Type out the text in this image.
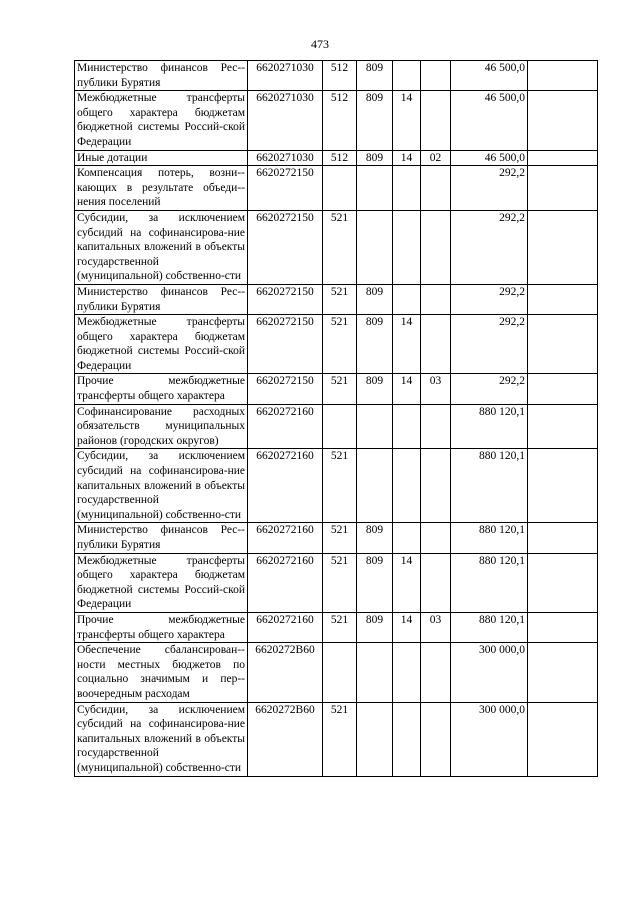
473
Министерство финансов Рес-публики Бурятия	6620271030	512	809			46 500,0	
Межбюджетные трансферты общего характера бюджетам бюджетной системы Россий-ской Федерации	6620271030	512	809	14		46 500,0	
Иные дотации	6620271030	512	809	14	02	46 500,0	
Компенсация потерь, возни-кающих в результате объеди-нения поселений	6620272150					292,2	
Субсидии, за исключением субсидий на софинансирова-ние капитальных вложений в объекты государственной (муниципальной) собственно-сти	6620272150	521				292,2	
Министерство финансов Рес-публики Бурятия	6620272150	521	809			292,2	
Межбюджетные трансферты общего характера бюджетам бюджетной системы Россий-ской Федерации	6620272150	521	809	14		292,2	
Прочие межбюджетные трансферты общего характера	6620272150	521	809	14	03	292,2	
Софинансирование расходных обязательств муниципальных районов (городских округов)	6620272160					880 120,1	
Субсидии, за исключением субсидий на софинансирова-ние капитальных вложений в объекты государственной (муниципальной) собственно-сти	6620272160	521				880 120,1	
Министерство финансов Рес-публики Бурятия	6620272160	521	809			880 120,1	
Межбюджетные трансферты общего характера бюджетам бюджетной системы Россий-ской Федерации	6620272160	521	809	14		880 120,1	
Прочие межбюджетные трансферты общего характера	6620272160	521	809	14	03	880 120,1	
Обеспечение сбалансирован-ности местных бюджетов по социально значимым и пер-воочередным расходам	6620272В60					300 000,0	
Субсидии, за исключением субсидий на софинансирова-ние капитальных вложений в объекты государственной (муниципальной) собственно-сти	6620272В60	521				300 000,0	
